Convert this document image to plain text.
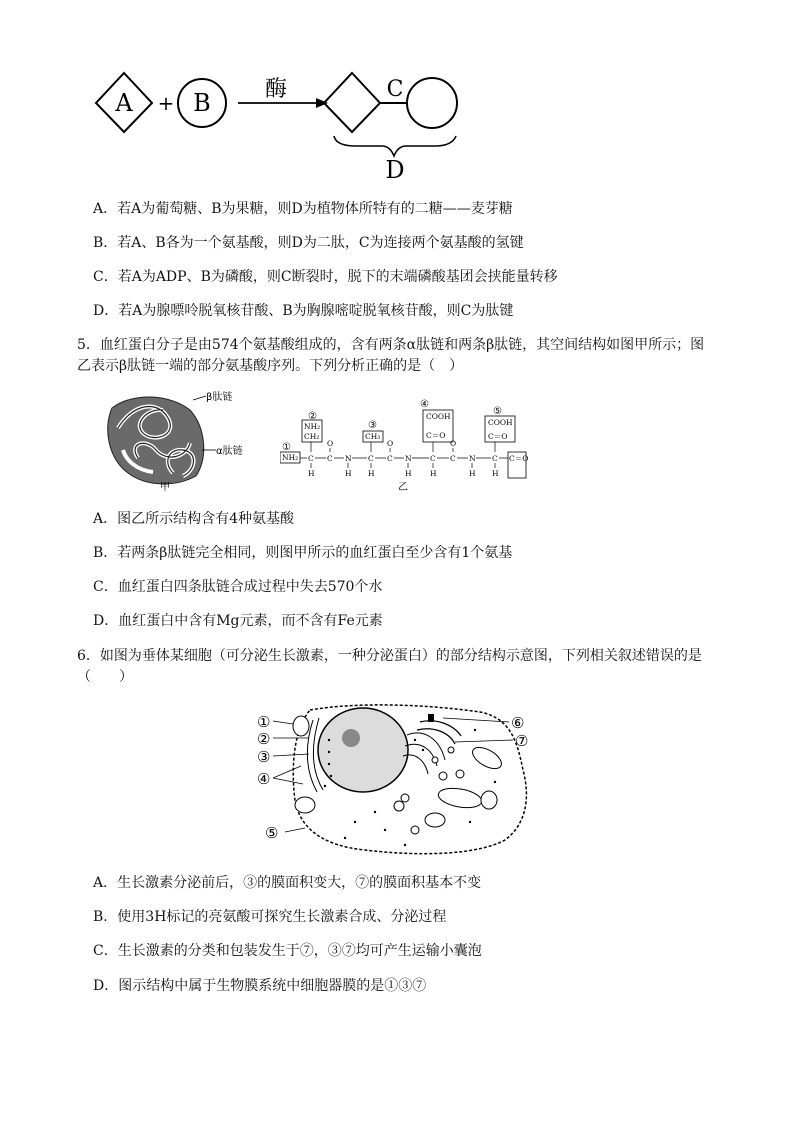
A + B 酶	C
D
A．若A为葡萄糖、B为果糖，则D为植物体所特有的二糖——麦芽糖
B．若A、B各为一个氨基酸，则D为二肽，C为连接两个氨基酸的氢键
C．若A为ADP、B为磷酸，则C断裂时，脱下的末端磷酸基团会挟能量转移
D．若A为腺嘌呤脱氧核苷酸、B为胸腺嘧啶脱氧核苷酸，则C为肽键
5．血红蛋白分子是由574个氨基酸组成的，含有两条α肽链和两条β肽链，其空间结构如图甲所示；图
乙表示β肽链一端的部分氨基酸序列。下列分析正确的是（　）
β肽链
α肽链
甲
①
②
③
④
⑤
NH₂
NH₂
CH₂	CH₃
COOH
C＝O
COOH
C＝O
C＝O
C C N C C N C C N C
O	O	O
H	H H	H H	H H
乙
A．图乙所示结构含有4种氨基酸
B．若两条β肽链完全相同，则图甲所示的血红蛋白至少含有1个氨基
C．血红蛋白四条肽链合成过程中失去570个水
D．血红蛋白中含有Mg元素，而不含有Fe元素
6．如图为垂体某细胞（可分泌生长激素，一种分泌蛋白）的部分结构示意图，下列相关叙述错误的是
（　　）
①
②
③
④
⑤
⑥
⑦
A．生长激素分泌前后，③的膜面积变大，⑦的膜面积基本不变
B．使用3H标记的亮氨酸可探究生长激素合成、分泌过程
C．生长激素的分类和包装发生于⑦，③⑦均可产生运输小囊泡
D．图示结构中属于生物膜系统中细胞器膜的是①③⑦
